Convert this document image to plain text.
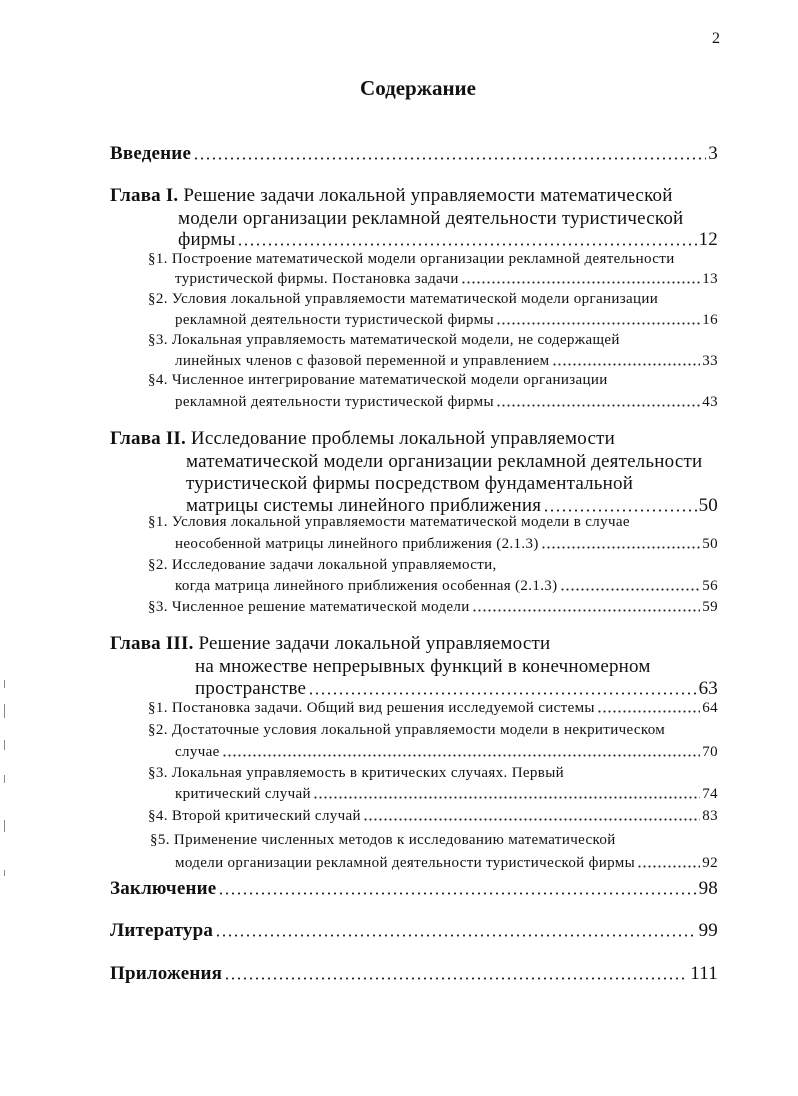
2
Содержание
Введение	3
Глава I.
Решение задачи локальной управляемости математической
модели организации рекламной деятельности туристической
фирмы	12
§1.
Построение математической модели организации рекламной деятельности
туристической фирмы. Постановка задачи	13
§2.
Условия локальной управляемости математической модели организации
рекламной деятельности туристической фирмы	16
§3.
Локальная управляемость математической модели, не содержащей
линейных членов с фазовой переменной и управлением	33
§4.
Численное интегрирование математической модели организации
рекламной деятельности туристической фирмы	43
Глава II.
Исследование проблемы локальной управляемости
математической модели организации рекламной деятельности
туристической фирмы посредством фундаментальной
матрицы системы линейного приближения	50
§1.
Условия локальной управляемости математической модели в случае
неособенной матрицы линейного приближения (2.1.3)	50
§2.
Исследование задачи локальной управляемости,
когда матрица линейного приближения особенная (2.1.3)	56
§3.
Численное решение математической модели	59
Глава III.
Решение задачи локальной управляемости
на множестве непрерывных функций в конечномерном
пространстве	63
§1.
Постановка задачи. Общий вид решения исследуемой системы	64
§2.
Достаточные условия локальной управляемости модели в некритическом
случае	70
§3.
Локальная управляемость в критических случаях. Первый
критический случай	74
§4.
Второй критический случай	83
§5.
Применение численных методов к исследованию математической
модели организации рекламной деятельности туристической фирмы	92
Заключение	98
Литература	99
Приложения	111
